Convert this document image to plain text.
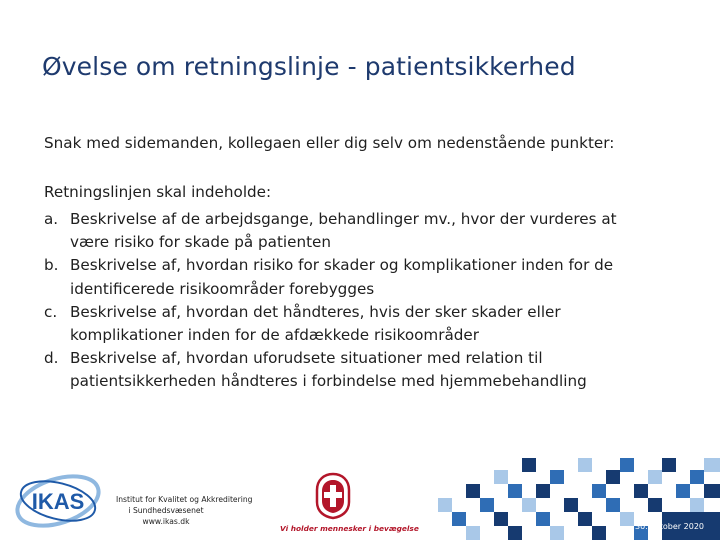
Øvelse om retningslinje - patientsikkerhed
Snak med sidemanden, kollegaen eller dig selv om nedenstående punkter:
Retningslinjen skal indeholde:
a. Beskrivelse af de arbejdsgange, behandlinger mv., hvor der vurderes at
være risiko for skade på patienten
b. Beskrivelse af, hvordan risiko for skader og komplikationer inden for de
identificerede risikoområder forebygges
c. Beskrivelse af, hvordan det håndteres, hvis der sker skader eller
komplikationer inden for de afdækkede risikoområder
d. Beskrivelse af, hvordan uforudsete situationer med relation til
patientsikkerheden håndteres i forbindelse med hjemmebehandling
IKAS	Institut for Kvalitet og Akkreditering
i Sundhedsvæsenet
www.ikas.dk
Vi holder mennesker i bevægelse	30. oktober 2020
